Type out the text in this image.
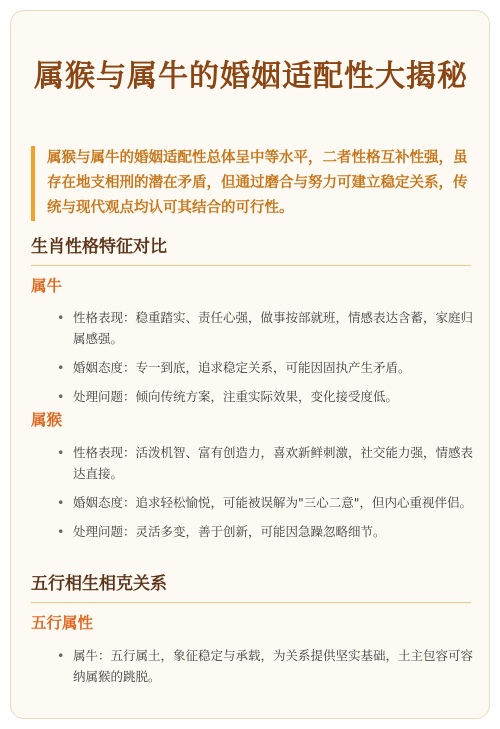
属猴与属牛的婚姻适配性大揭秘
属猴与属牛的婚姻适配性总体呈中等水平，二者性格互补性强，虽存在地支相刑的潜在矛盾，但通过磨合与努力可建立稳定关系，传统与现代观点均认可其结合的可行性。
生肖性格特征对比
属牛
• 性格表现：稳重踏实、责任心强，做事按部就班，情感表达含蓄，家庭归属感强。
• 婚姻态度：专一到底，追求稳定关系，可能因固执产生矛盾。
• 处理问题：倾向传统方案，注重实际效果，变化接受度低。
属猴
• 性格表现：活泼机智、富有创造力，喜欢新鲜刺激，社交能力强，情感表达直接。
• 婚姻态度：追求轻松愉悦，可能被误解为"三心二意"，但内心重视伴侣。
• 处理问题：灵活多变，善于创新，可能因急躁忽略细节。
五行相生相克关系
五行属性
• 属牛：五行属土，象征稳定与承载，为关系提供坚实基础，土主包容可容纳属猴的跳脱。
